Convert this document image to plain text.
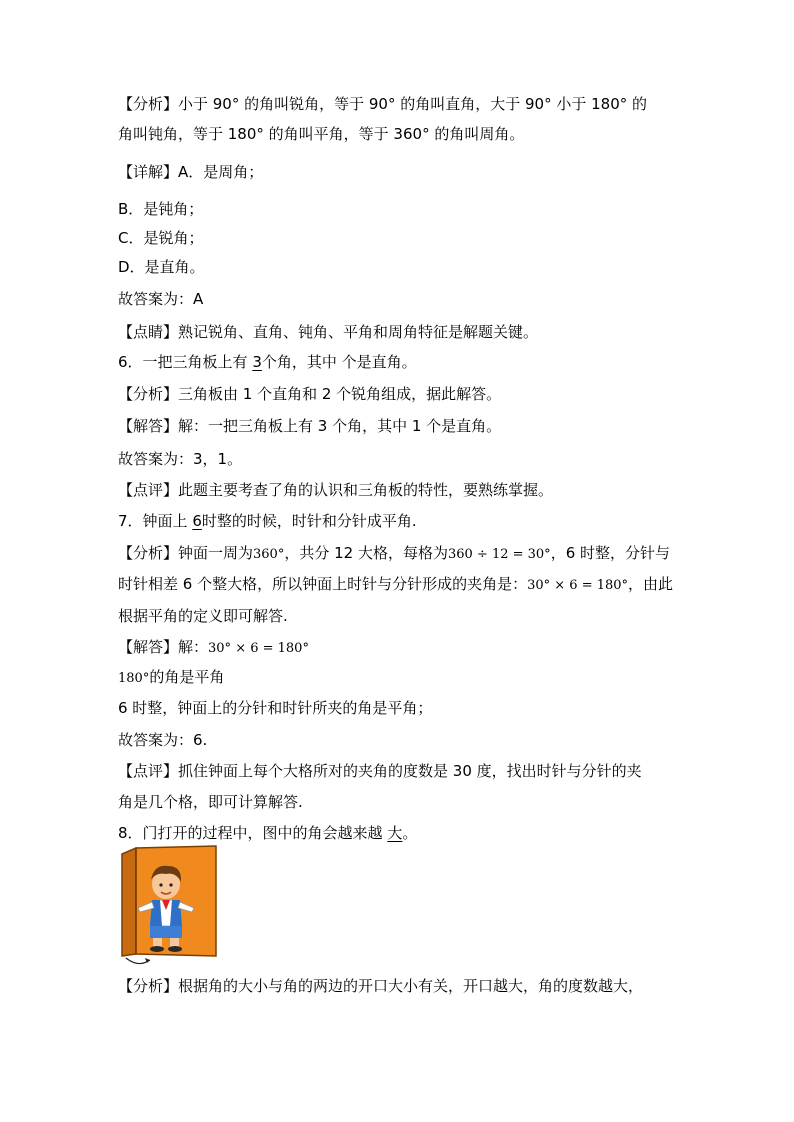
【分析】小于 90° 的角叫锐角，等于 90° 的角叫直角，大于 90° 小于 180° 的
角叫钝角，等于 180° 的角叫平角，等于 360° 的角叫周角。
【详解】A．是周角；
B．是钝角；
C．是锐角；
D．是直角。
故答案为：A
【点睛】熟记锐角、直角、钝角、平角和周角特征是解题关键。
6．一把三角板上有 3个角，其中 个是直角。
【分析】三角板由 1 个直角和 2 个锐角组成，据此解答。
【解答】解：一把三角板上有 3 个角，其中 1 个是直角。
故答案为：3，1。
【点评】此题主要考查了角的认识和三角板的特性，要熟练掌握。
7．钟面上 6时整的时候，时针和分针成平角.
【分析】钟面一周为360°，共分 12 大格，每格为360 ÷ 12 = 30°，6 时整，分针与
时针相差 6 个整大格，所以钟面上时针与分针形成的夹角是：30° × 6 = 180°，由此
根据平角的定义即可解答.
【解答】解：30° × 6 = 180°
180°的角是平角
6 时整，钟面上的分针和时针所夹的角是平角；
故答案为：6.
【点评】抓住钟面上每个大格所对的夹角的度数是 30 度，找出时针与分针的夹
角是几个格，即可计算解答.
8．门打开的过程中，图中的角会越来越 大。
【分析】根据角的大小与角的两边的开口大小有关，开口越大，角的度数越大，
